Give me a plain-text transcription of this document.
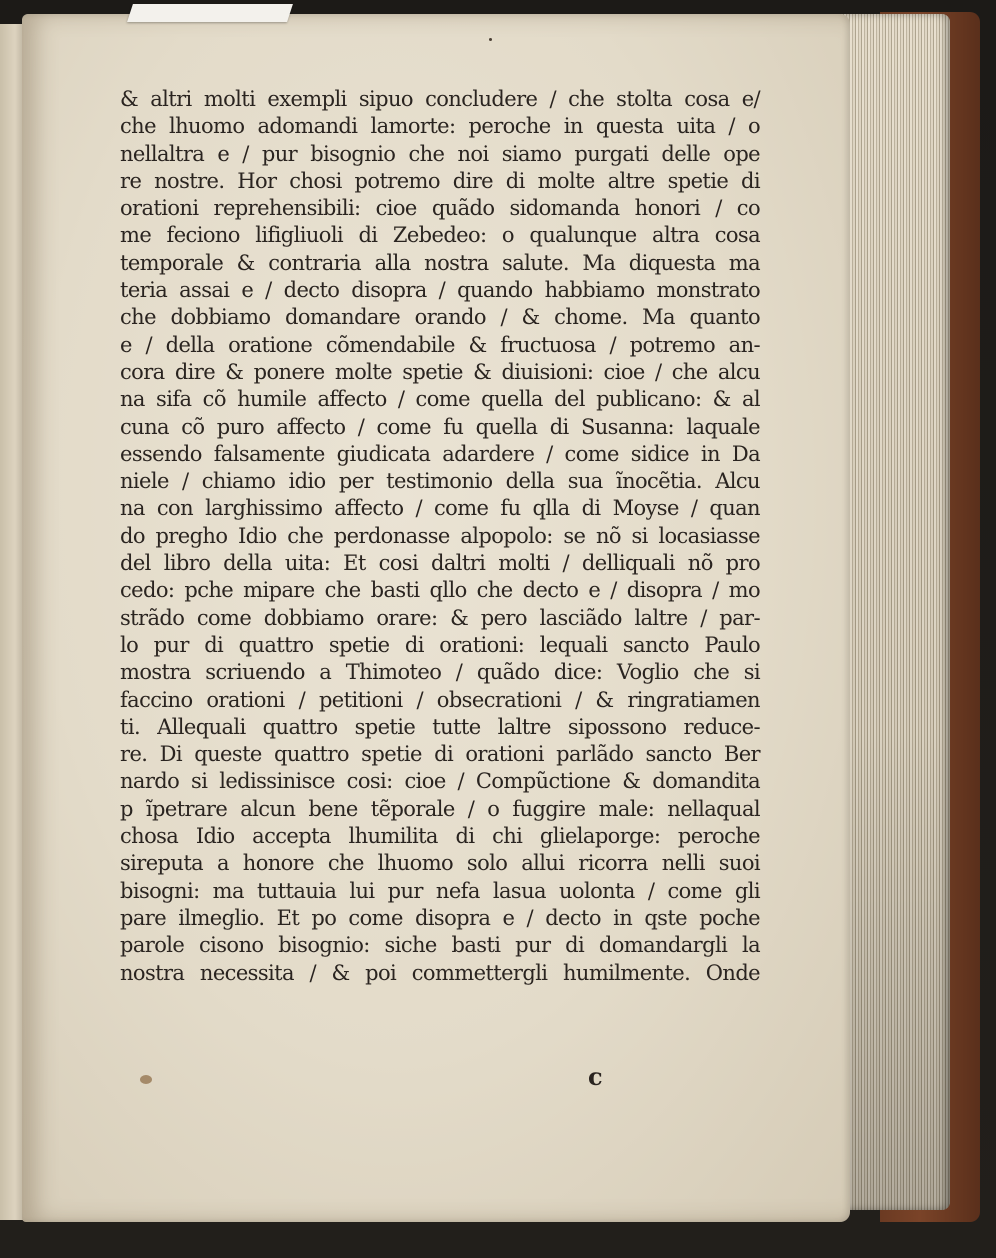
& altri molti exempli sipuo concludere / che stolta cosa e/
che lhuomo adomandi lamorte: peroche in questa uita / o
nellaltra e / pur bisognio che noi siamo purgati delle ope
re nostre. Hor chosi potremo dire di molte altre spetie di
orationi reprehensibili: cioe quãdo sidomanda honori / co
me feciono lifigliuoli di Zebedeo: o qualunque altra cosa
temporale & contraria alla nostra salute. Ma diquesta ma
teria assai e / decto disopra / quando habbiamo monstrato
che dobbiamo domandare orando / & chome. Ma quanto
e / della oratione cõmendabile & fructuosa / potremo an-
cora dire & ponere molte spetie & diuisioni: cioe / che alcu
na sifa cõ humile affecto / come quella del publicano: & al
cuna cõ puro affecto / come fu quella di Susanna: laquale
essendo falsamente giudicata adardere / come sidice in Da
niele / chiamo idio per testimonio della sua ĩnocẽtia. Alcu
na con larghissimo affecto / come fu qlla di Moyse / quan
do pregho Idio che perdonasse alpopolo: se nõ si locasiasse
del libro della uita: Et cosi daltri molti / delliquali nõ pro
cedo: pche mipare che basti qllo che decto e / disopra / mo
strãdo come dobbiamo orare: & pero lasciãdo laltre / par-
lo pur di quattro spetie di orationi: lequali sancto Paulo
mostra scriuendo a Thimoteo / quãdo dice: Voglio che si
faccino orationi / petitioni / obsecrationi / & ringratiamen
ti. Allequali quattro spetie tutte laltre sipossono reduce-
re. Di queste quattro spetie di orationi parlãdo sancto Ber
nardo si ledissinisce cosi: cioe / Compũctione & domandita
p ĩpetrare alcun bene tẽporale / o fuggire male: nellaqual
chosa Idio accepta lhumilita di chi glielaporge: peroche
sireputa a honore che lhuomo solo allui ricorra nelli suoi
bisogni: ma tuttauia lui pur nefa lasua uolonta / come gli
pare ilmeglio. Et po come disopra e / decto in qste poche
parole cisono bisognio: siche basti pur di domandargli la
nostra necessita / & poi commettergli humilmente. Onde
c
